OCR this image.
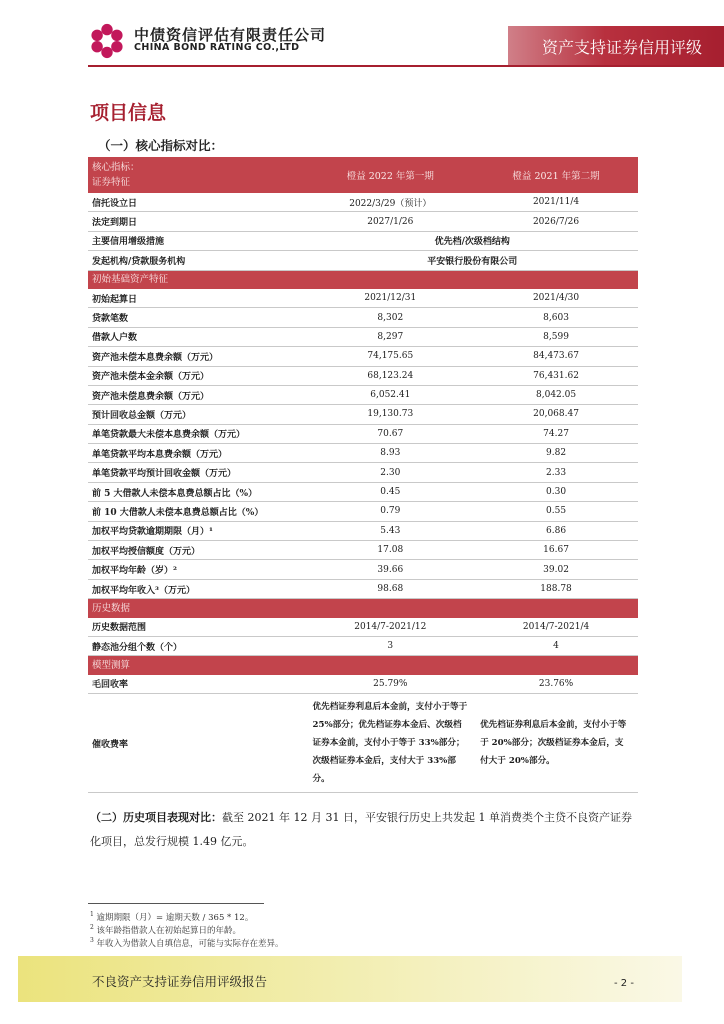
中债资信评估有限责任公司
CHINA BOND RATING CO.,LTD	资产支持证券信用评级
项目信息
（一）核心指标对比：
核心指标：
证券特征	橙益 2022 年第一期	橙益 2021 年第二期
信托设立日	2022/3/29（预计）	2021/11/4
法定到期日	2027/1/26	2026/7/26
主要信用增级措施	优先档/次级档结构	
发起机构/贷款服务机构	平安银行股份有限公司	

初始基础资产特征		

初始起算日	2021/12/31	2021/4/30
贷款笔数	8,302	8,603
借款人户数	8,297	8,599
资产池未偿本息费余额（万元）	74,175.65	84,473.67
资产池未偿本金余额（万元）	68,123.24	76,431.62
资产池未偿息费余额（万元）	6,052.41	8,042.05
预计回收总金额（万元）	19,130.73	20,068.47
单笔贷款最大未偿本息费余额（万元）	70.67	74.27
单笔贷款平均本息费余额（万元）	8.93	9.82
单笔贷款平均预计回收金额（万元）	2.30	2.33
前 5 大借款人未偿本息费总额占比（%）	0.45	0.30
前 10 大借款人未偿本息费总额占比（%）	0.79	0.55
加权平均贷款逾期期限（月）¹	5.43	6.86
加权平均授信额度（万元）	17.08	16.67
加权平均年龄（岁）²	39.66	39.02
加权平均年收入³（万元）	98.68	188.78

历史数据		

历史数据范围	2014/7-2021/12	2014/7-2021/4
静态池分组个数（个）	3	4

模型测算		

毛回收率	25.79%	23.76%
催收费率	优先档证券利息后本金前，支付小于等于 25%部分；优先档证券本金后、次级档证券本金前，支付小于等于 33%部分；次级档证券本金后，支付大于 33%部分。	优先档证券利息后本金前，支付小于等于 20%部分；次级档证券本金后，支付大于 20%部分。
（二）历史项目表现对比：截至 2021 年 12 月 31 日，平安银行历史上共发起 1 单消费类个主贷不良资产证券化项目，总发行规模 1.49 亿元。
$^1$ 逾期期限（月）= 逾期天数 / 365 * 12。
$^2$ 该年龄指借款人在初始起算日的年龄。
$^3$ 年收入为借款人自填信息，可能与实际存在差异。
不良资产支持证券信用评级报告	- 2 -
